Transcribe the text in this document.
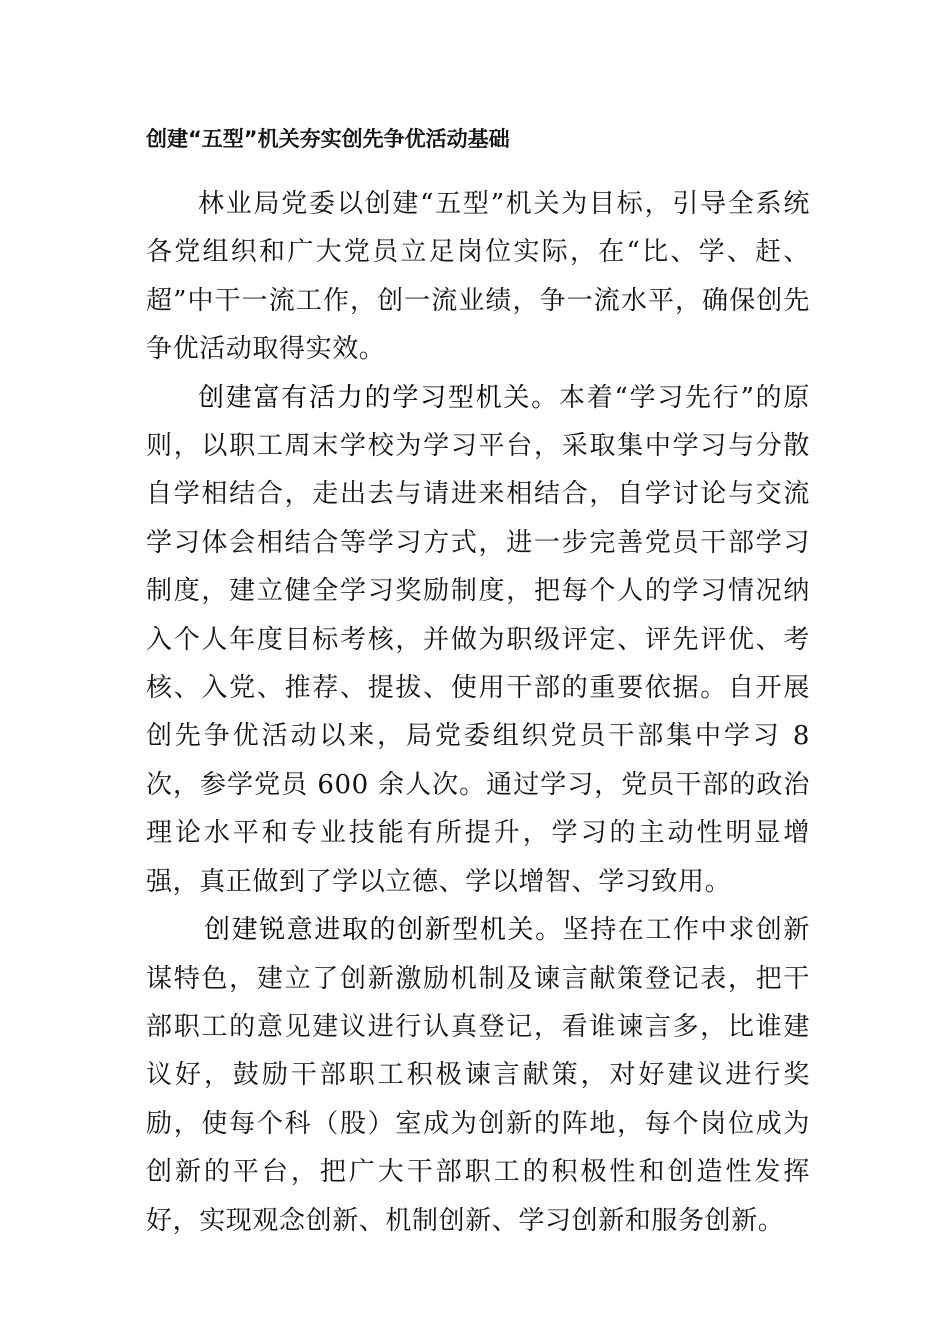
创建“五型”机关夯实创先争优活动基础

林业局党委以创建“五型”机关为目标，引导全系统各党组织和广大党员立足岗位实际，在“比、学、赶、超”中干一流工作，创一流业绩，争一流水平，确保创先争优活动取得实效。

创建富有活力的学习型机关。本着“学习先行”的原则，以职工周末学校为学习平台，采取集中学习与分散自学相结合，走出去与请进来相结合，自学讨论与交流学习体会相结合等学习方式，进一步完善党员干部学习制度，建立健全学习奖励制度，把每个人的学习情况纳入个人年度目标考核，并做为职级评定、评先评优、考核、入党、推荐、提拔、使用干部的重要依据。自开展创先争优活动以来，局党委组织党员干部集中学习 8 次，参学党员 600 余人次。通过学习，党员干部的政治理论水平和专业技能有所提升，学习的主动性明显增强，真正做到了学以立德、学以增智、学习致用。

创建锐意进取的创新型机关。坚持在工作中求创新谋特色，建立了创新激励机制及谏言献策登记表，把干部职工的意见建议进行认真登记，看谁谏言多，比谁建议好，鼓励干部职工积极谏言献策，对好建议进行奖励，使每个科（股）室成为创新的阵地，每个岗位成为创新的平台，把广大干部职工的积极性和创造性发挥好，实现观念创新、机制创新、学习创新和服务创新。
